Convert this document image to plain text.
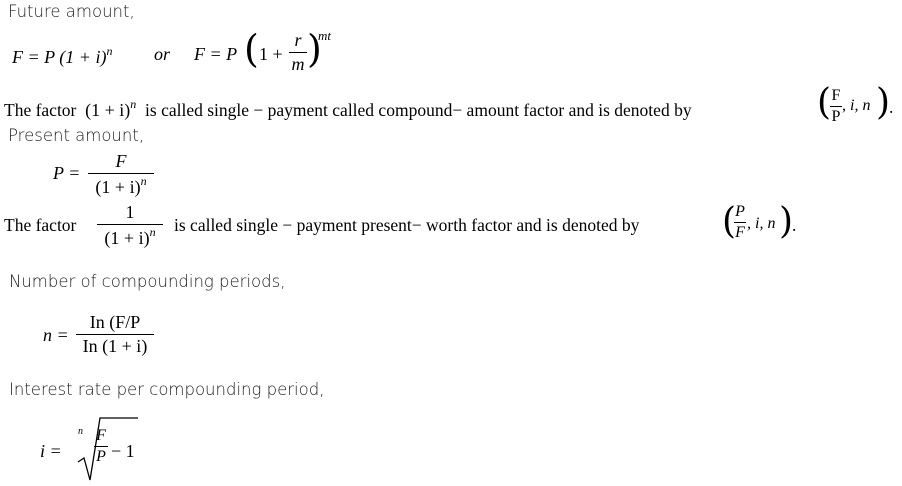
Future amount,
F = P $(1 + i)^n$ or F = P ( 1 +
r
m )
mt
The factor $(1 + i)^n$ is called single − payment called compound− amount factor and is denoted by	( F
P
, i, n )
.
Present amount,
P =
F
$(1 + i)^n$
The factor
1
$(1 + i)^n$	is called single − payment present− worth factor and is denoted by ( P
F
, i, n )
.
Number of compounding periods,
n =
In (F/P
In (1 + i)
Interest rate per compounding period,
i =
n F
P − 1
